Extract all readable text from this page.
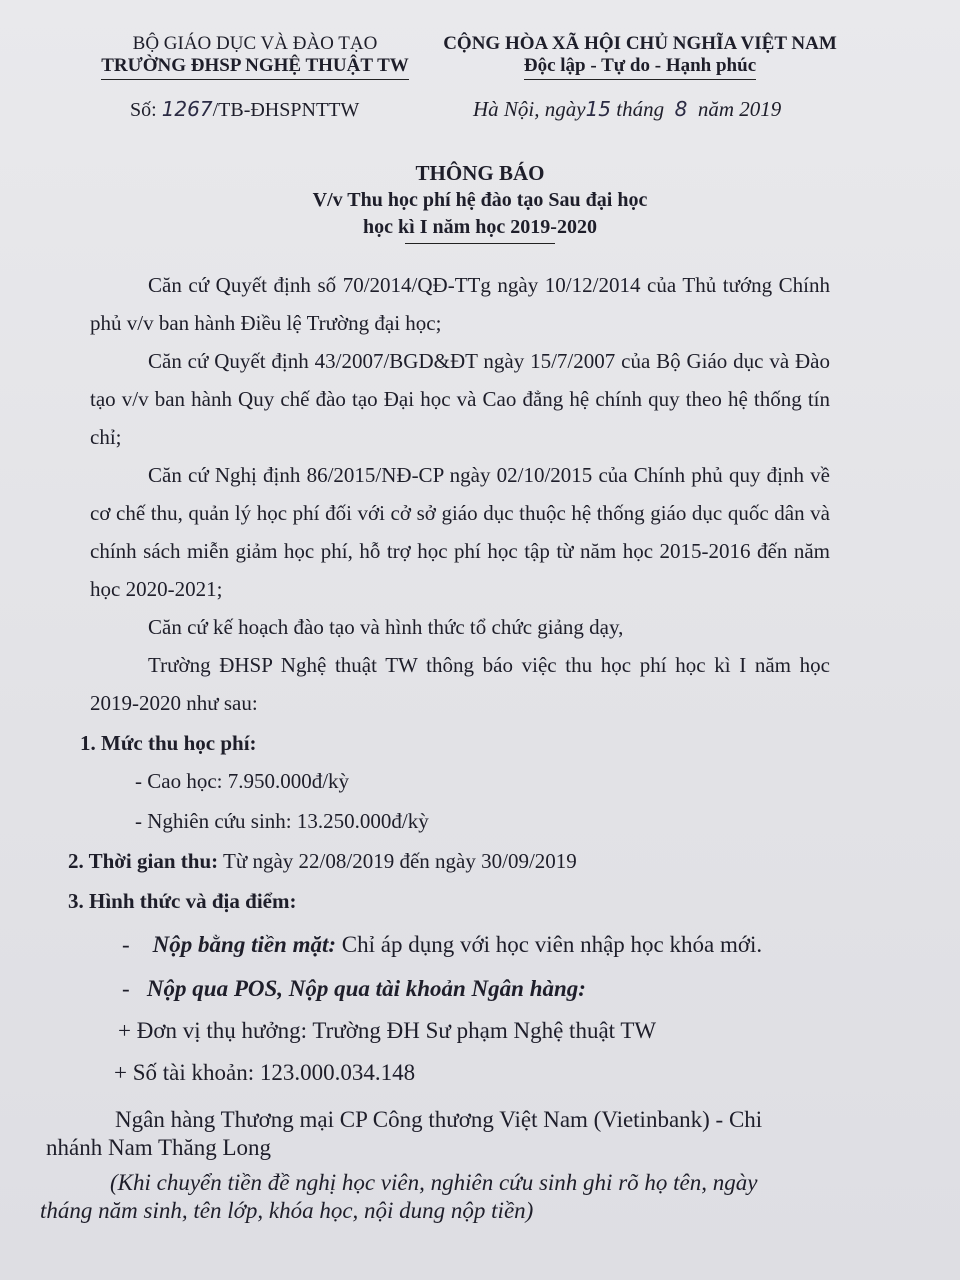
BỘ GIÁO DỤC VÀ ĐÀO TẠO
TRƯỜNG ĐHSP NGHỆ THUẬT TW
CỘNG HÒA XÃ HỘI CHỦ NGHĨA VIỆT NAM
Độc lập - Tự do - Hạnh phúc
Số: 1267/TB-ĐHSPNTTW	Hà Nội, ngày15 tháng 8 năm 2019
THÔNG BÁO
V/v Thu học phí hệ đào tạo Sau đại học
học kì I năm học 2019-2020

Căn cứ Quyết định số 70/2014/QĐ-TTg ngày 10/12/2014 của Thủ tướng Chính phủ v/v ban hành Điều lệ Trường đại học;

Căn cứ Quyết định 43/2007/BGD&ĐT ngày 15/7/2007 của Bộ Giáo dục và Đào tạo v/v ban hành Quy chế đào tạo Đại học và Cao đẳng hệ chính quy theo hệ thống tín chỉ;

Căn cứ Nghị định 86/2015/NĐ-CP ngày 02/10/2015 của Chính phủ quy định về cơ chế thu, quản lý học phí đối với cở sở giáo dục thuộc hệ thống giáo dục quốc dân và chính sách miễn giảm học phí, hỗ trợ học phí học tập từ năm học 2015-2016 đến năm học 2020-2021;

Căn cứ kế hoạch đào tạo và hình thức tổ chức giảng dạy,

Trường ĐHSP Nghệ thuật TW thông báo việc thu học phí học kì I năm học 2019-2020 như sau:

1. Mức thu học phí:
- Cao học: 7.950.000đ/kỳ
- Nghiên cứu sinh: 13.250.000đ/kỳ
2. Thời gian thu: Từ ngày 22/08/2019 đến ngày 30/09/2019
3. Hình thức và địa điểm:
- Nộp bằng tiền mặt: Chỉ áp dụng với học viên nhập học khóa mới.
- Nộp qua POS, Nộp qua tài khoản Ngân hàng:
+ Đơn vị thụ hưởng: Trường ĐH Sư phạm Nghệ thuật TW
+ Số tài khoản: 123.000.034.148
Ngân hàng Thương mại CP Công thương Việt Nam (Vietinbank) - Chi
nhánh Nam Thăng Long
(Khi chuyển tiền đề nghị học viên, nghiên cứu sinh ghi rõ họ tên, ngày
tháng năm sinh, tên lớp, khóa học, nội dung nộp tiền)
